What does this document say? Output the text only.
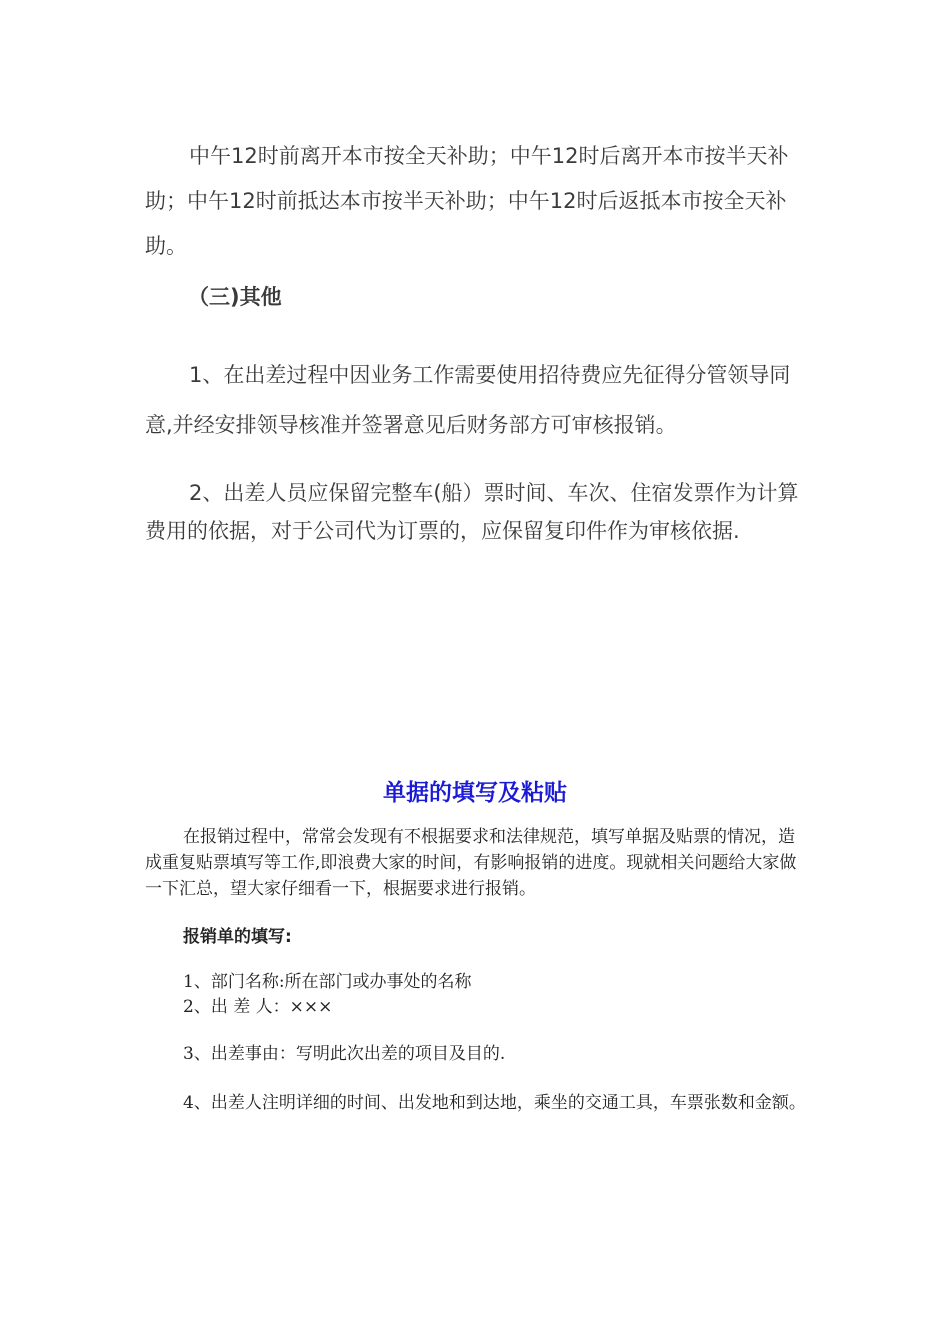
中午12时前离开本市按全天补助；中午12时后离开本市按半天补助；中午12时前抵达本市按半天补助；中午12时后返抵本市按全天补助。

（三)其他

1、在出差过程中因业务工作需要使用招待费应先征得分管领导同意,并经安排领导核准并签署意见后财务部方可审核报销。

2、出差人员应保留完整车(船）票时间、车次、住宿发票作为计算费用的依据，对于公司代为订票的，应保留复印件作为审核依据.

单据的填写及粘贴

在报销过程中，常常会发现有不根据要求和法律规范，填写单据及贴票的情况，造成重复贴票填写等工作,即浪费大家的时间，有影响报销的进度。现就相关问题给大家做一下汇总，望大家仔细看一下，根据要求进行报销。

报销单的填写:

1、部门名称:所在部门或办事处的名称

2、出 差 人：×××

3、出差事由：写明此次出差的项目及目的.

4、出差人注明详细的时间、出发地和到达地，乘坐的交通工具，车票张数和金额。
